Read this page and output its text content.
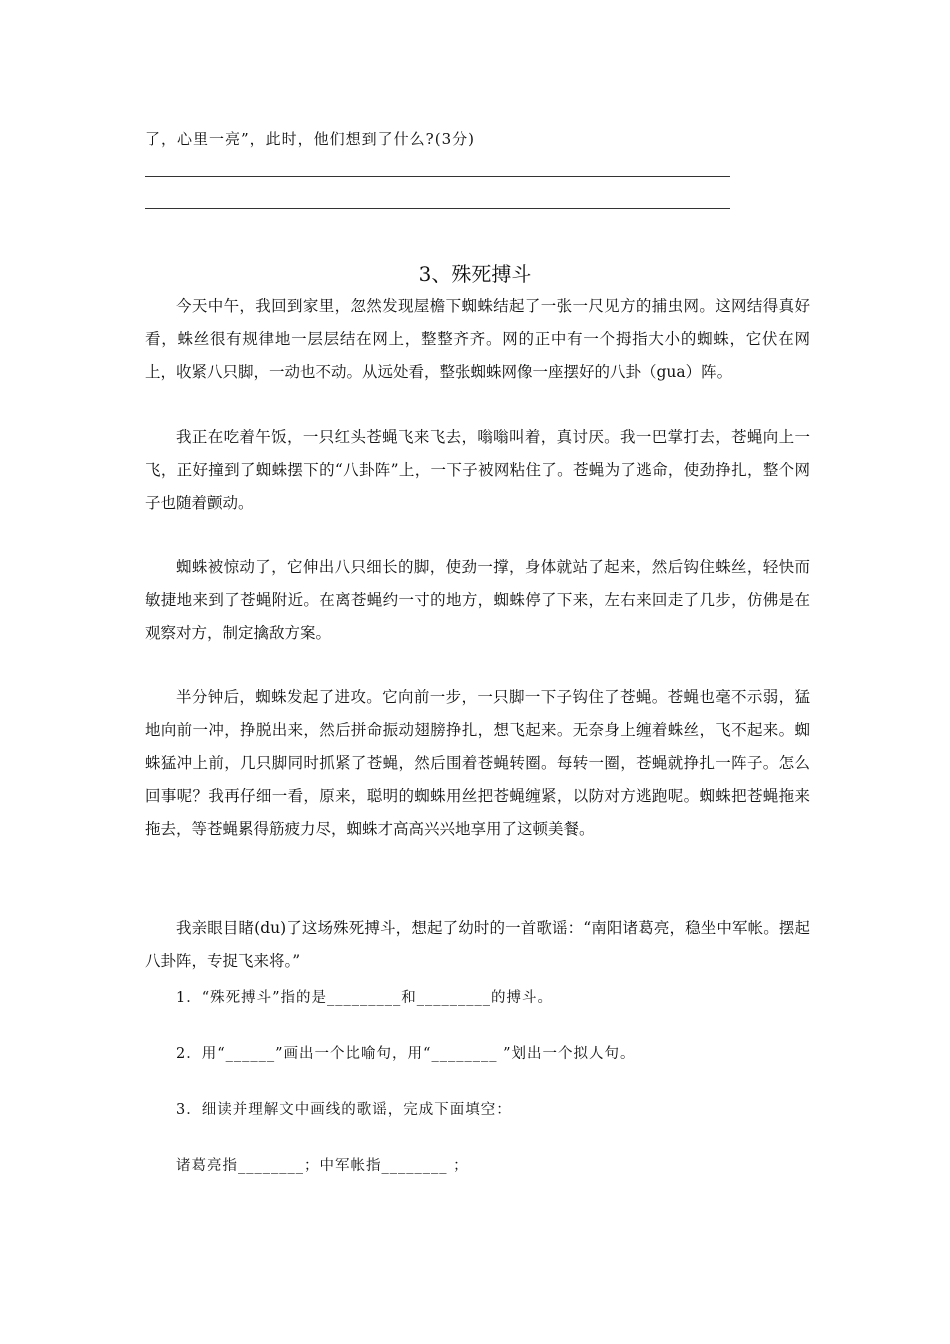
了，心里一亮”，此时，他们想到了什么?(3分)
3、殊死搏斗
今天中午，我回到家里，忽然发现屋檐下蜘蛛结起了一张一尺见方的捕虫网。这网结得真好看，蛛丝很有规律地一层层结在网上，整整齐齐。网的正中有一个拇指大小的蜘蛛，它伏在网上，收紧八只脚，一动也不动。从远处看，整张蜘蛛网像一座摆好的八卦（gua）阵。
我正在吃着午饭，一只红头苍蝇飞来飞去，嗡嗡叫着，真讨厌。我一巴掌打去，苍蝇向上一飞，正好撞到了蜘蛛摆下的“八卦阵”上，一下子被网粘住了。苍蝇为了逃命，使劲挣扎，整个网子也随着颤动。
蜘蛛被惊动了，它伸出八只细长的脚，使劲一撑，身体就站了起来，然后钩住蛛丝，轻快而敏捷地来到了苍蝇附近。在离苍蝇约一寸的地方，蜘蛛停了下来，左右来回走了几步，仿佛是在观察对方，制定擒敌方案。
半分钟后，蜘蛛发起了进攻。它向前一步，一只脚一下子钩住了苍蝇。苍蝇也毫不示弱，猛地向前一冲，挣脱出来，然后拼命振动翅膀挣扎，想飞起来。无奈身上缠着蛛丝，飞不起来。蜘蛛猛冲上前，几只脚同时抓紧了苍蝇，然后围着苍蝇转圈。每转一圈，苍蝇就挣扎一阵子。怎么回事呢？我再仔细一看，原来，聪明的蜘蛛用丝把苍蝇缠紧，以防对方逃跑呢。蜘蛛把苍蝇拖来拖去，等苍蝇累得筋疲力尽，蜘蛛才高高兴兴地享用了这顿美餐。
我亲眼目睹(du)了这场殊死搏斗，想起了幼时的一首歌谣：“南阳诸葛亮，稳坐中军帐。摆起八卦阵，专捉飞来将。”
1．“殊死搏斗”指的是_________和_________的搏斗。
2．用“______”画出一个比喻句，用“________ ”划出一个拟人句。
3．细读并理解文中画线的歌谣，完成下面填空：
诸葛亮指________；中军帐指________ ；
